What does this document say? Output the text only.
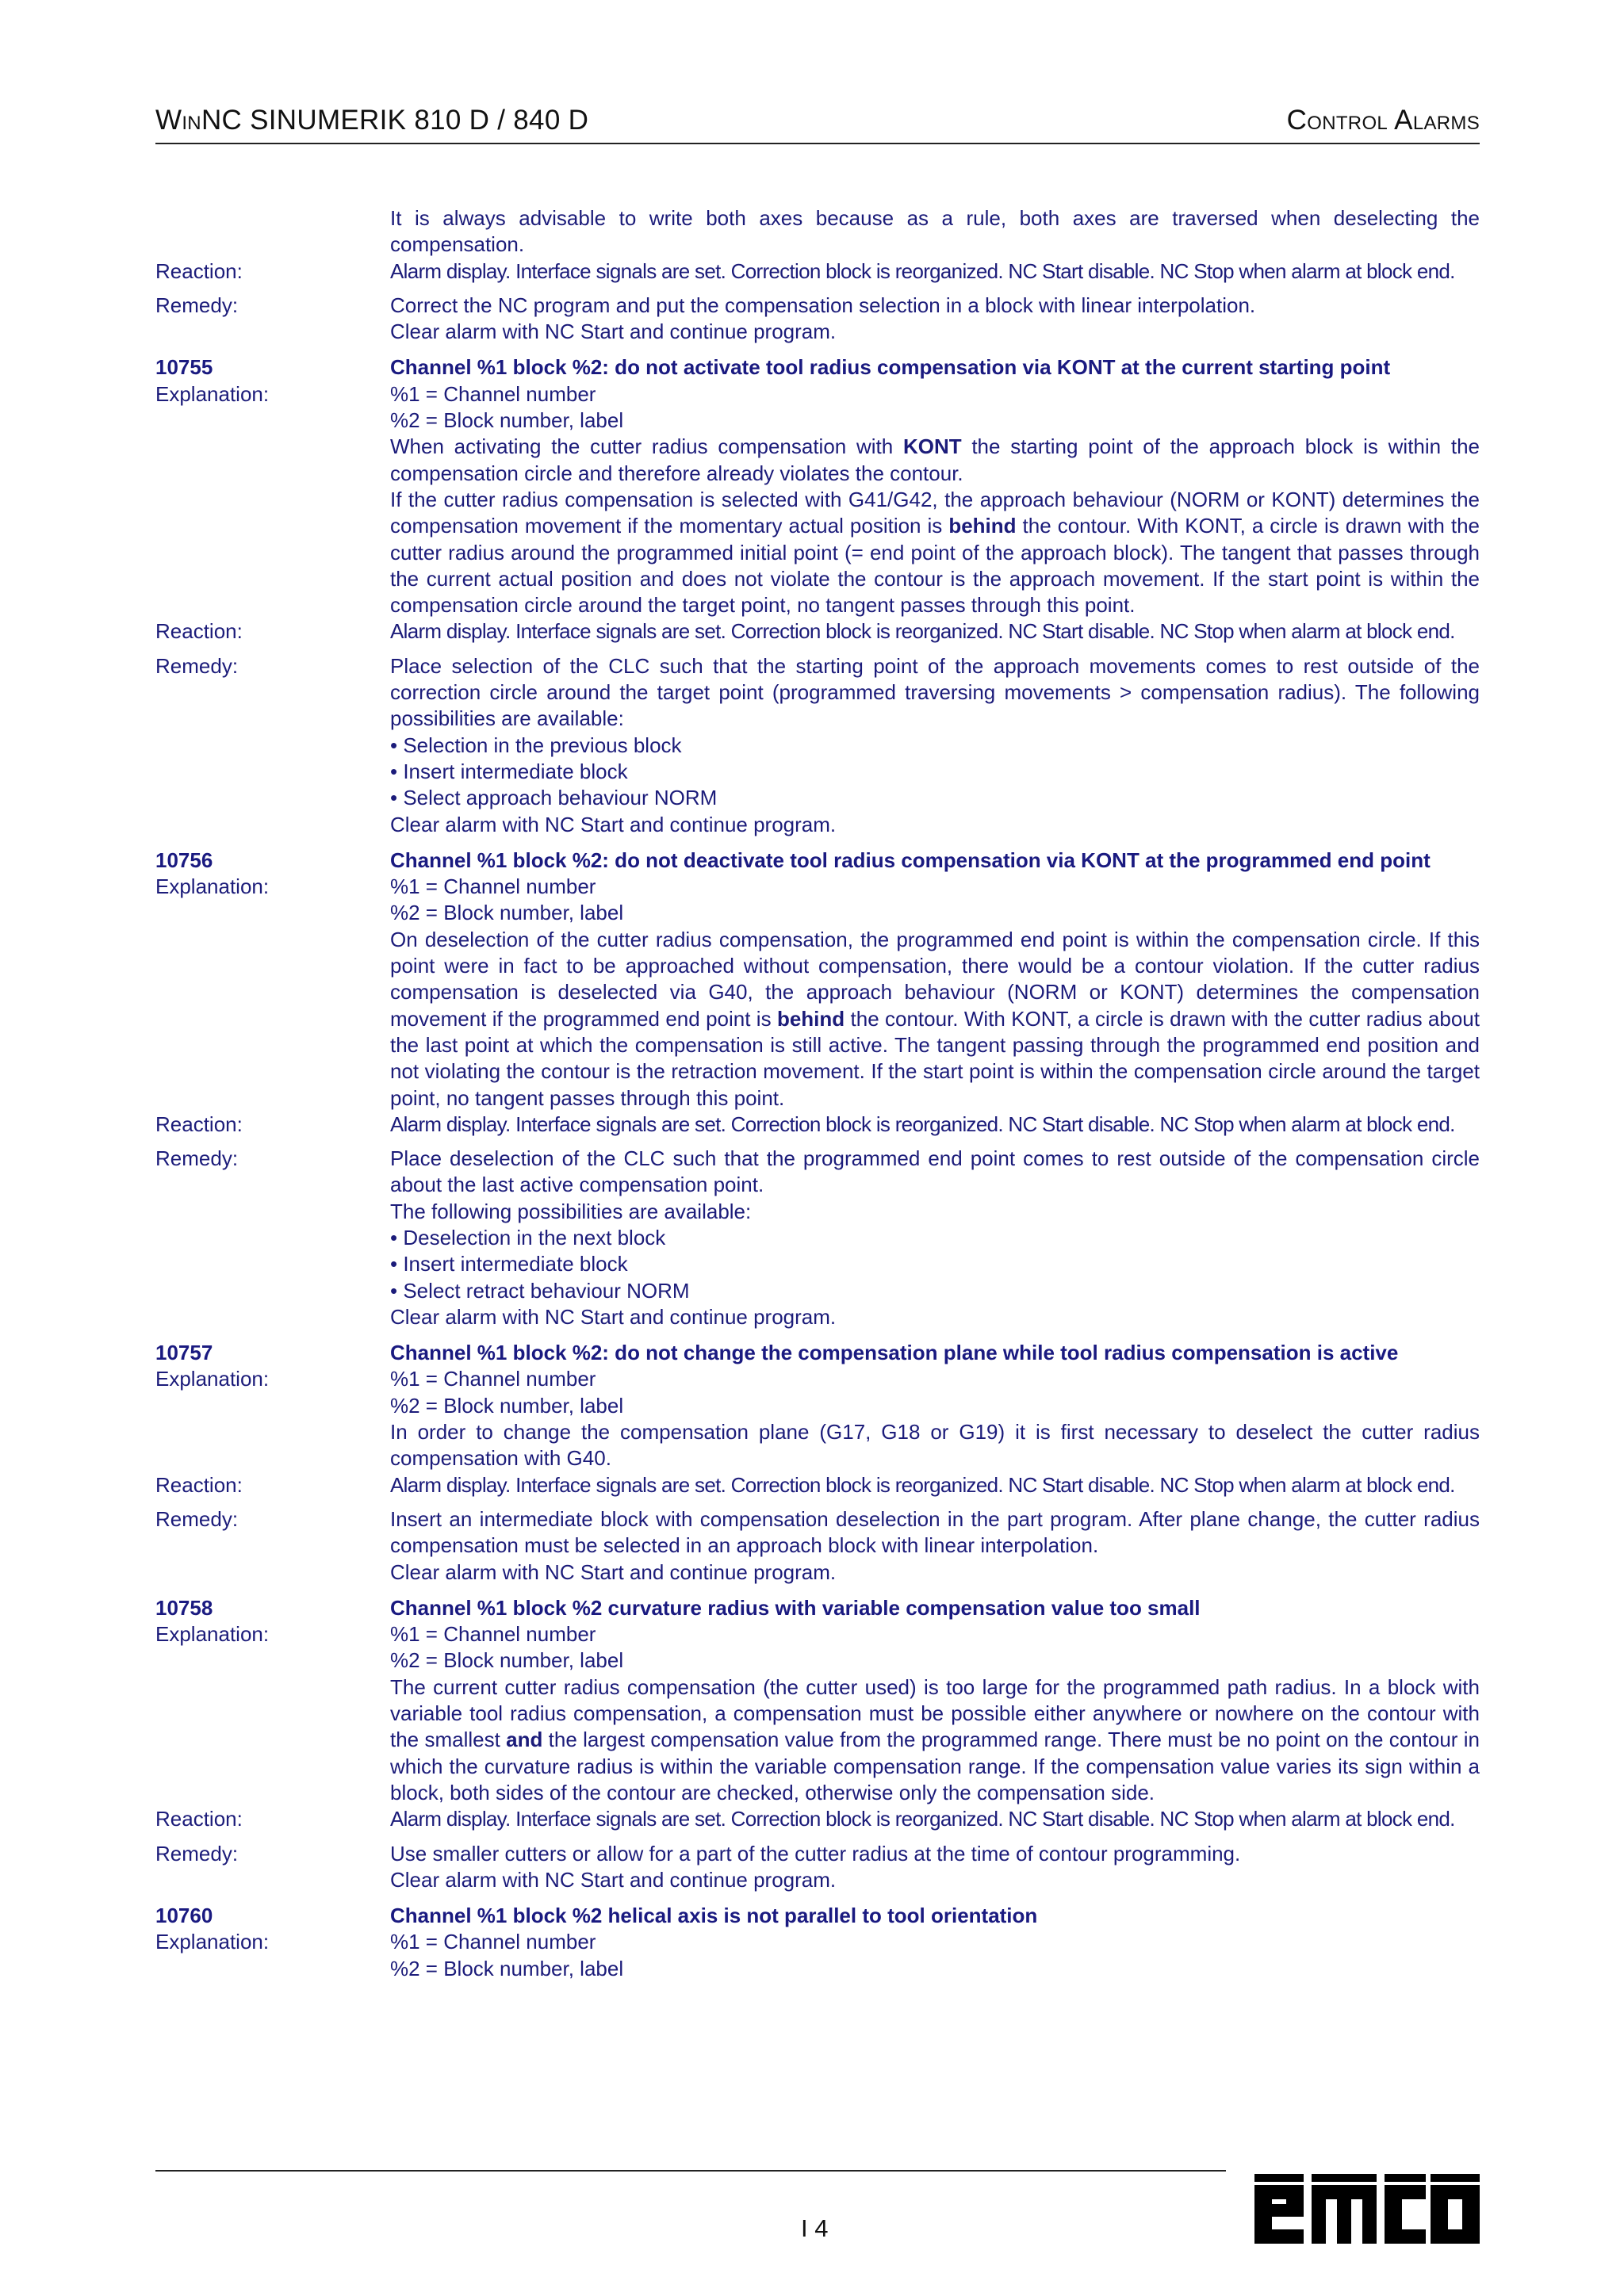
WINNC SINUMERIK 810 D / 840 D	CONTROL ALARMS
It is always advisable to write both axes because as a rule, both axes are traversed when deselecting the compensation.
Reaction:	Alarm display. Interface signals are set. Correction block is reorganized. NC Start disable. NC Stop when alarm at block end.
Remedy:	Correct the NC program and put the compensation selection in a block with linear interpolation.
Clear alarm with NC Start and continue program.
10755	Channel %1 block %2: do not activate tool radius compensation via KONT at the current starting point
Explanation:	%1 = Channel number
%2 = Block number, label
When activating the cutter radius compensation with KONT the starting point of the approach block is within the compensation circle and therefore already violates the contour.
If the cutter radius compensation is selected with G41/G42, the approach behaviour (NORM or KONT) determines the compensation movement if the momentary actual position is behind the contour. With KONT, a circle is drawn with the cutter radius around the programmed initial point (= end point of the approach block). The tangent that passes through the current actual position and does not violate the contour is the approach movement. If the start point is within the compensation circle around the target point, no tangent passes through this point.
Reaction:	Alarm display. Interface signals are set. Correction block is reorganized. NC Start disable. NC Stop when alarm at block end.
Remedy:	Place selection of the CLC such that the starting point of the approach movements comes to rest outside of the correction circle around the target point (programmed traversing movements > compensation radius). The following possibilities are available:
• Selection in the previous block
• Insert intermediate block
• Select approach behaviour NORM
Clear alarm with NC Start and continue program.
10756	Channel %1 block %2: do not deactivate tool radius compensation via KONT at the programmed end point
Explanation:	%1 = Channel number
%2 = Block number, label
On deselection of the cutter radius compensation, the programmed end point is within the compensation circle. If this point were in fact to be approached without compensation, there would be a contour violation. If the cutter radius compensation is deselected via G40, the approach behaviour (NORM or KONT) determines the compensation movement if the programmed end point is behind the contour. With KONT, a circle is drawn with the cutter radius about the last point at which the compensation is still active. The tangent passing through the programmed end position and not violating the contour is the retraction movement. If the start point is within the compensation circle around the target point, no tangent passes through this point.
Reaction:	Alarm display. Interface signals are set. Correction block is reorganized. NC Start disable. NC Stop when alarm at block end.
Remedy:	Place deselection of the CLC such that the programmed end point comes to rest outside of the compensation circle about the last active compensation point.
The following possibilities are available:
• Deselection in the next block
• Insert intermediate block
• Select retract behaviour NORM
Clear alarm with NC Start and continue program.
10757	Channel %1 block %2: do not change the compensation plane while tool radius compensation is active
Explanation:	%1 = Channel number
%2 = Block number, label
In order to change the compensation plane (G17, G18 or G19) it is first necessary to deselect the cutter radius compensation with G40.
Reaction:	Alarm display. Interface signals are set. Correction block is reorganized. NC Start disable. NC Stop when alarm at block end.
Remedy:	Insert an intermediate block with compensation deselection in the part program. After plane change, the cutter radius compensation must be selected in an approach block with linear interpolation.
Clear alarm with NC Start and continue program.
10758	Channel %1 block %2 curvature radius with variable compensation value too small
Explanation:	%1 = Channel number
%2 = Block number, label
The current cutter radius compensation (the cutter used) is too large for the programmed path radius. In a block with variable tool radius compensation, a compensation must be possible either anywhere or nowhere on the contour with the smallest and the largest compensation value from the programmed range. There must be no point on the contour in which the curvature radius is within the variable compensation range. If the compensation value varies its sign within a block, both sides of the contour are checked, otherwise only the compensation side.
Reaction:	Alarm display. Interface signals are set. Correction block is reorganized. NC Start disable. NC Stop when alarm at block end.
Remedy:	Use smaller cutters or allow for a part of the cutter radius at the time of contour programming.
Clear alarm with NC Start and continue program.
10760	Channel %1 block %2 helical axis is not parallel to tool orientation
Explanation:	%1 = Channel number
%2 = Block number, label
I 4
